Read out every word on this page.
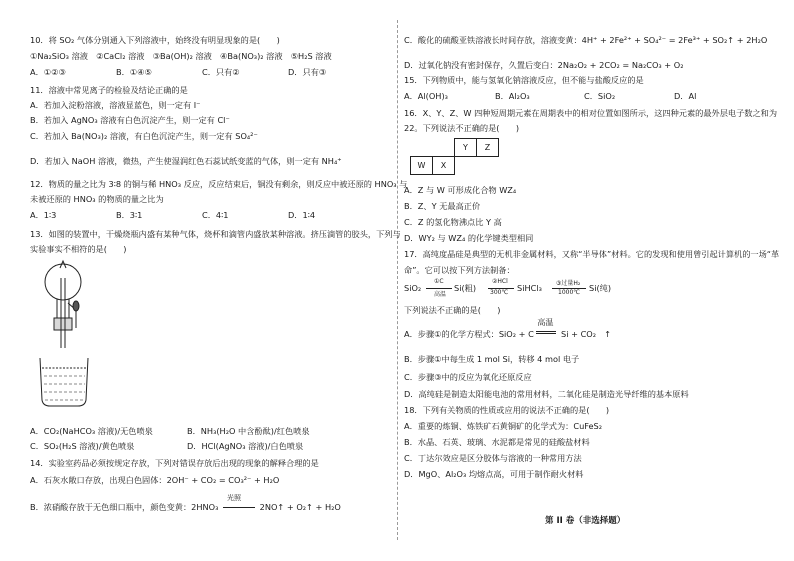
10．将 SO₂ 气体分别通入下列溶液中，始终没有明显现象的是(　　)
①Na₂SiO₃ 溶液　②CaCl₂ 溶液　③Ba(OH)₂ 溶液　④Ba(NO₃)₂ 溶液　⑤H₂S 溶液
A．①②③	B．①④⑤	C．只有②	D．只有③
11．溶液中常见离子的检验及结论正确的是
A．若加入淀粉溶液，溶液显蓝色，则一定有 I⁻
B．若加入 AgNO₃ 溶液有白色沉淀产生，则一定有 Cl⁻
C．若加入 Ba(NO₃)₂ 溶液，有白色沉淀产生，则一定有 SO₄²⁻
D．若加入 NaOH 溶液，微热，产生使湿润红色石蕊试纸变蓝的气体，则一定有 NH₄⁺
12．物质的量之比为 3∶8 的铜与稀 HNO₃ 反应，反应结束后，铜没有剩余，则反应中被还原的 HNO₃ 与
未被还原的 HNO₃ 的物质的量之比为
A．1∶3	B．3∶1	C．4∶1	D．1∶4
13．如图的装置中，干燥烧瓶内盛有某种气体，烧杯和滴管内盛放某种溶液。挤压滴管的胶头，下列与
实验事实不相符的是(　　)
A．CO₂(NaHCO₃ 溶液)/无色喷泉	B．NH₃(H₂O 中含酚酞)/红色喷泉
C．SO₂(H₂S 溶液)/黄色喷泉	D．HCl(AgNO₃ 溶液)/白色喷泉
14．实验室药品必须按规定存放，下列对错误存放后出现的现象的解释合理的是
A．石灰水敞口存放，出现白色固体：2OH⁻ + CO₂ = CO₃²⁻ + H₂O
B．浓硝酸存放于无色细口瓶中，颜色变黄：2HNO₃
光照
2NO↑ + O₂↑ + H₂O
C．酸化的硫酸亚铁溶液长时间存放，溶液变黄：4H⁺ + 2Fe²⁺ + SO₄²⁻ = 2Fe³⁺ + SO₂↑ + 2H₂O
D．过氧化钠没有密封保存，久置后变白：2Na₂O₂ + 2CO₂ = Na₂CO₃ + O₂
15．下列物质中，能与氢氧化钠溶液反应，但不能与盐酸反应的是
A．Al(OH)₃	B．Al₂O₃	C．SiO₂	D．Al
16．X、Y、Z、W 四种短周期元素在周期表中的相对位置如图所示，这四种元素的最外层电子数之和为
22。下列说法不正确的是(　　)
		Y	Z
W	X		
A．Z 与 W 可形成化合物 WZ₄
B．Z、Y 无最高正价
C．Z 的氢化物沸点比 Y 高
D．WY₂ 与 WZ₄ 的化学键类型相同
17．高纯度晶硅是典型的无机非金属材料，又称“半导体”材料。它的发现和使用曾引起计算机的一场“革
命”。它可以按下列方法制备：
SiO₂
①C
高温
Si(粗)
②HCl
300℃ SiHCl₃ ③过量H₂
1000℃ Si(纯)
下列说法不正确的是(　　)
A．步骤①的化学方程式：SiO₂ + C
高温
Si + CO₂　↑
B．步骤①中每生成 1 mol Si，转移 4 mol 电子
C．步骤③中的反应为氧化还原反应
D．高纯硅是制造太阳能电池的常用材料，二氧化硅是制造光导纤维的基本原料
18．下列有关物质的性质或应用的说法不正确的是(　　)
A．重要的炼铜、炼铁矿石黄铜矿的化学式为：CuFeS₂
B．水晶、石英、玻璃、水泥都是常见的硅酸盐材料
C．丁达尔效应是区分胶体与溶液的一种常用方法
D．MgO、Al₂O₃ 均熔点高，可用于制作耐火材料
第 II 卷（非选择题）
